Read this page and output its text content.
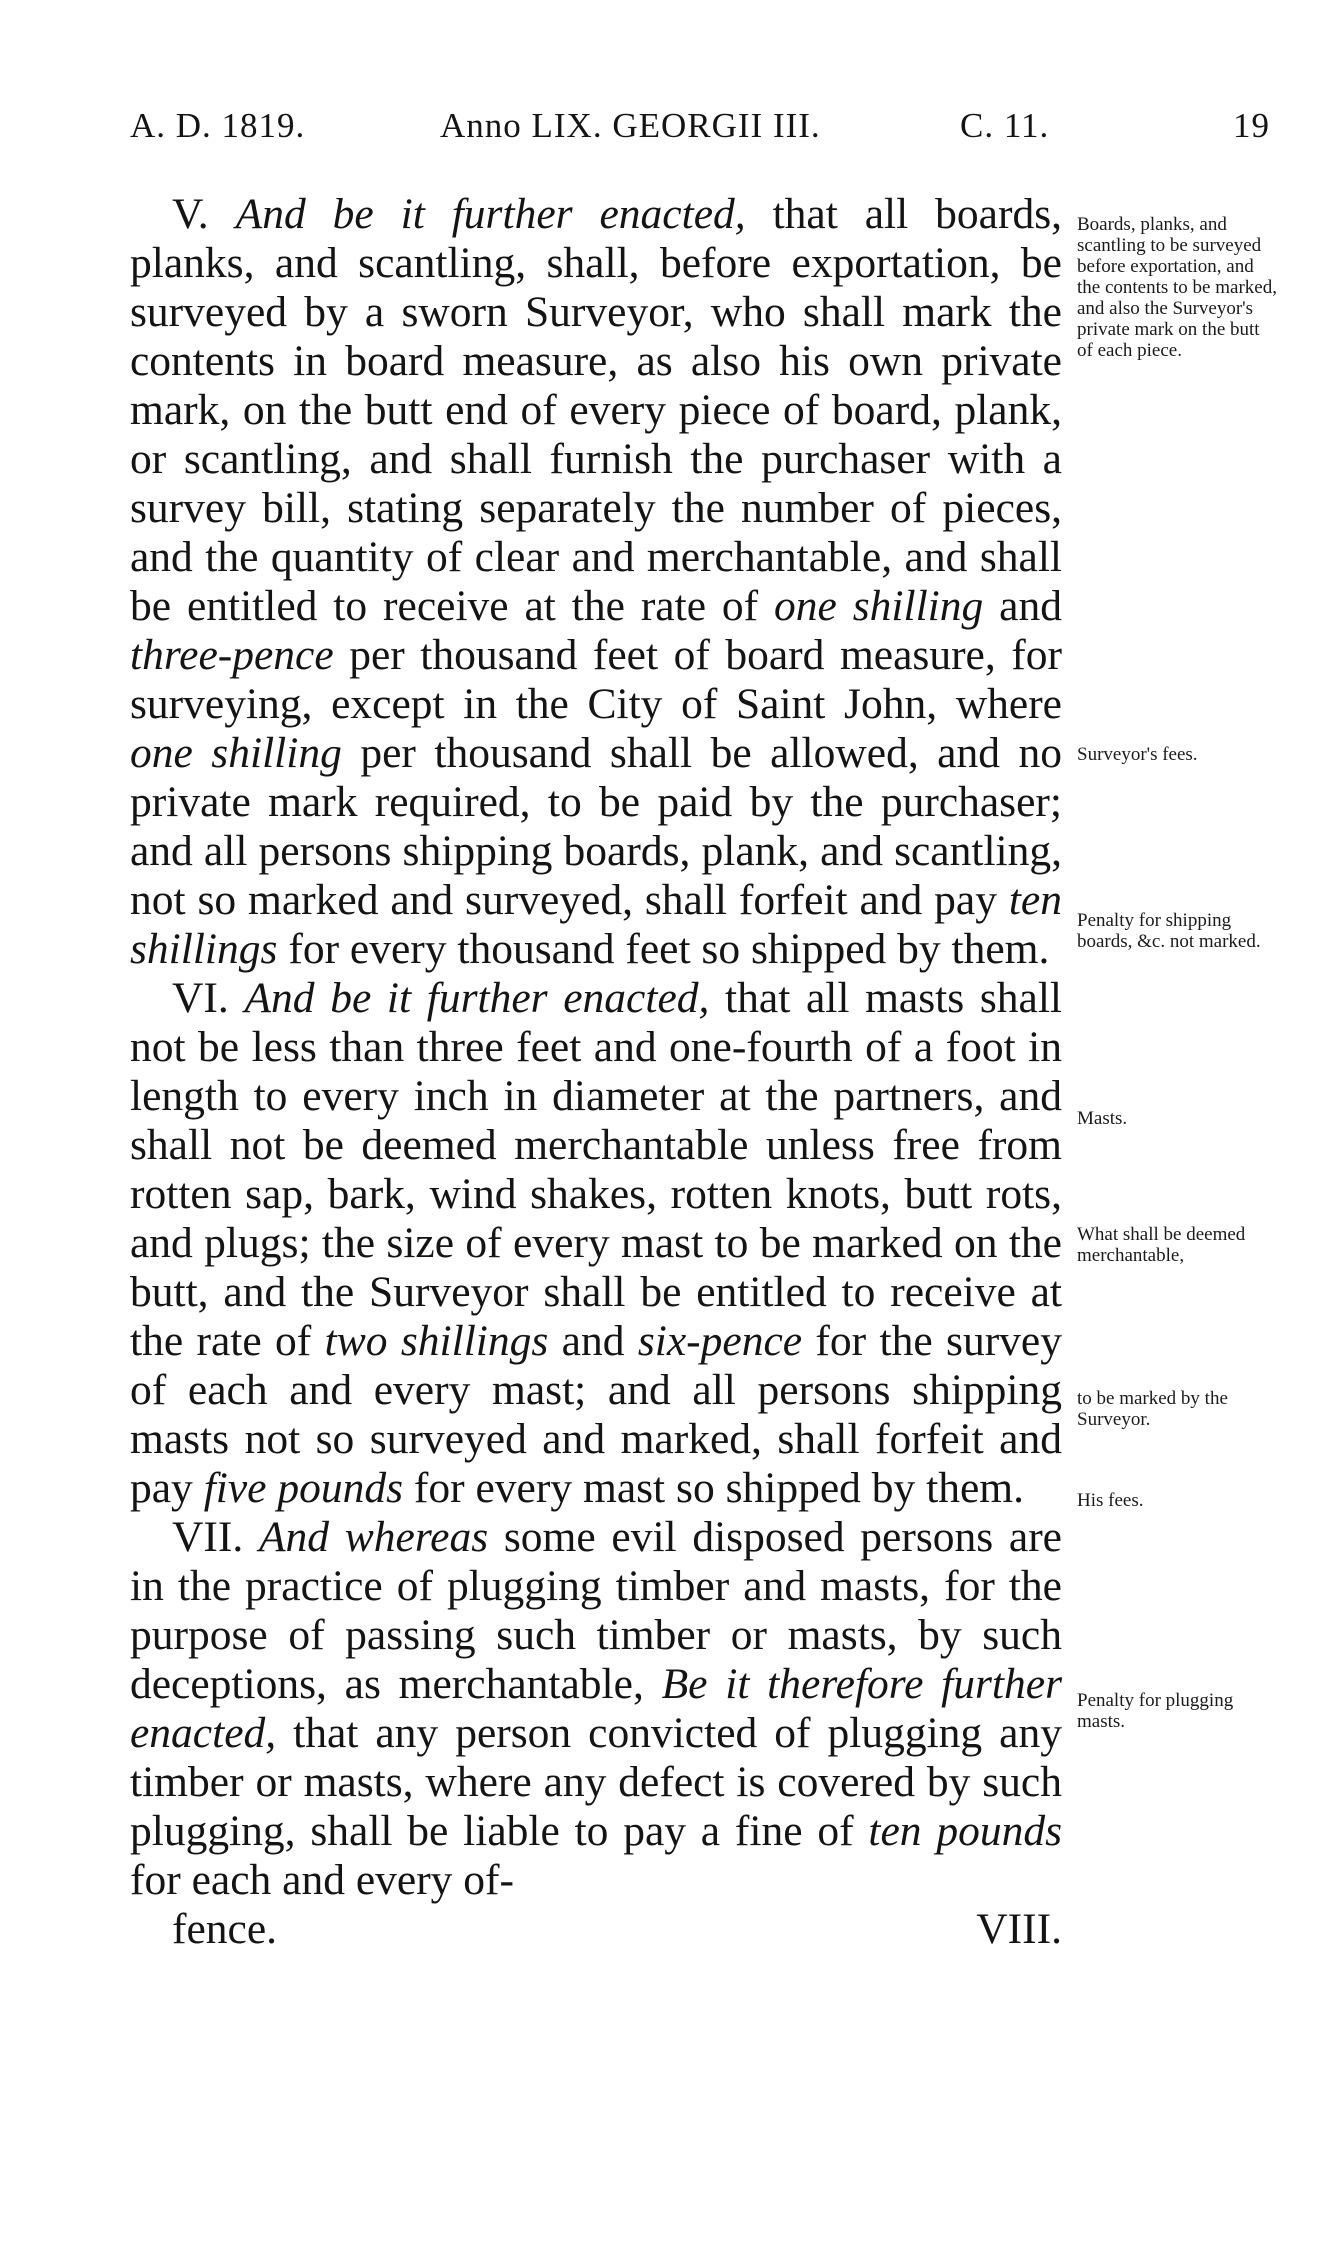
A. D. 1819.	Anno LIX. GEORGII III.	C. 11.	19

V. And be it further enacted, that all boards, planks, and scantling, shall, before exportation, be surveyed by a sworn Surveyor, who shall mark the contents in board measure, as also his own private mark, on the butt end of every piece of board, plank, or scantling, and shall furnish the purchaser with a survey bill, stating separately the number of pieces, and the quantity of clear and merchantable, and shall be entitled to receive at the rate of one shilling and three-pence per thousand feet of board measure, for surveying, except in the City of Saint John, where one shilling per thousand shall be allowed, and no private mark required, to be paid by the purchaser; and all persons shipping boards, plank, and scantling, not so marked and surveyed, shall forfeit and pay ten shillings for every thousand feet so shipped by them.

VI. And be it further enacted, that all masts shall not be less than three feet and one-fourth of a foot in length to every inch in diameter at the partners, and shall not be deemed merchantable unless free from rotten sap, bark, wind shakes, rotten knots, butt rots, and plugs; the size of every mast to be marked on the butt, and the Surveyor shall be entitled to receive at the rate of two shillings and six-pence for the survey of each and every mast; and all persons shipping masts not so surveyed and marked, shall forfeit and pay five pounds for every mast so shipped by them.

VII. And whereas some evil disposed persons are in the practice of plugging timber and masts, for the purpose of passing such timber or masts, by such deceptions, as merchantable, Be it therefore further enacted, that any person convicted of plugging any timber or masts, where any defect is covered by such plugging, shall be liable to pay a fine of ten pounds for each and every of-

fence.	VIII.

Boards, planks, and scantling to be surveyed before exportation, and the contents to be marked, and also the Surveyor's private mark on the butt of each piece.
Surveyor's fees.
Penalty for shipping boards, &c. not marked.
Masts.
What shall be deemed merchantable,
to be marked by the Surveyor.
His fees.
Penalty for plugging masts.
